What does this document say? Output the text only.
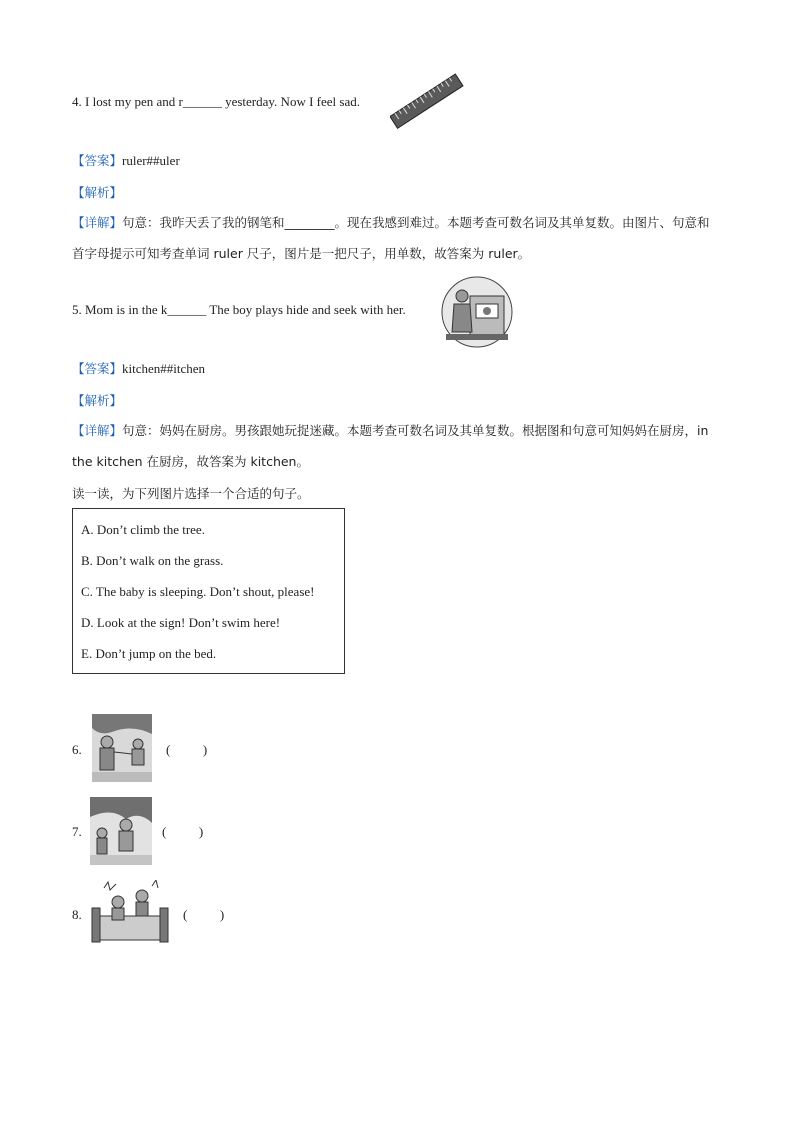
4. I lost my pen and r______ yesterday. Now I feel sad.
【答案】ruler##uler
【解析】
【详解】句意：我昨天丢了我的钢笔和________。现在我感到难过。本题考查可数名词及其单复数。由图片、句意和首字母提示可知考查单词 ruler 尺子，图片是一把尺子，用单数，故答案为 ruler。
5. Mom is in the k______ The boy plays hide and seek with her.
【答案】kitchen##itchen
【解析】
【详解】句意：妈妈在厨房。男孩跟她玩捉迷藏。本题考查可数名词及其单复数。根据图和句意可知妈妈在厨房，in the kitchen 在厨房，故答案为 kitchen。
读一读，为下列图片选择一个合适的句子。
A. Don’t climb the tree.
B. Don’t walk on the grass.
C. The baby is sleeping. Don’t shout, please!
D. Look at the sign! Don’t swim here!
E. Don’t jump on the bed.
6.	(          )
7.	(          )
8.	(          )
